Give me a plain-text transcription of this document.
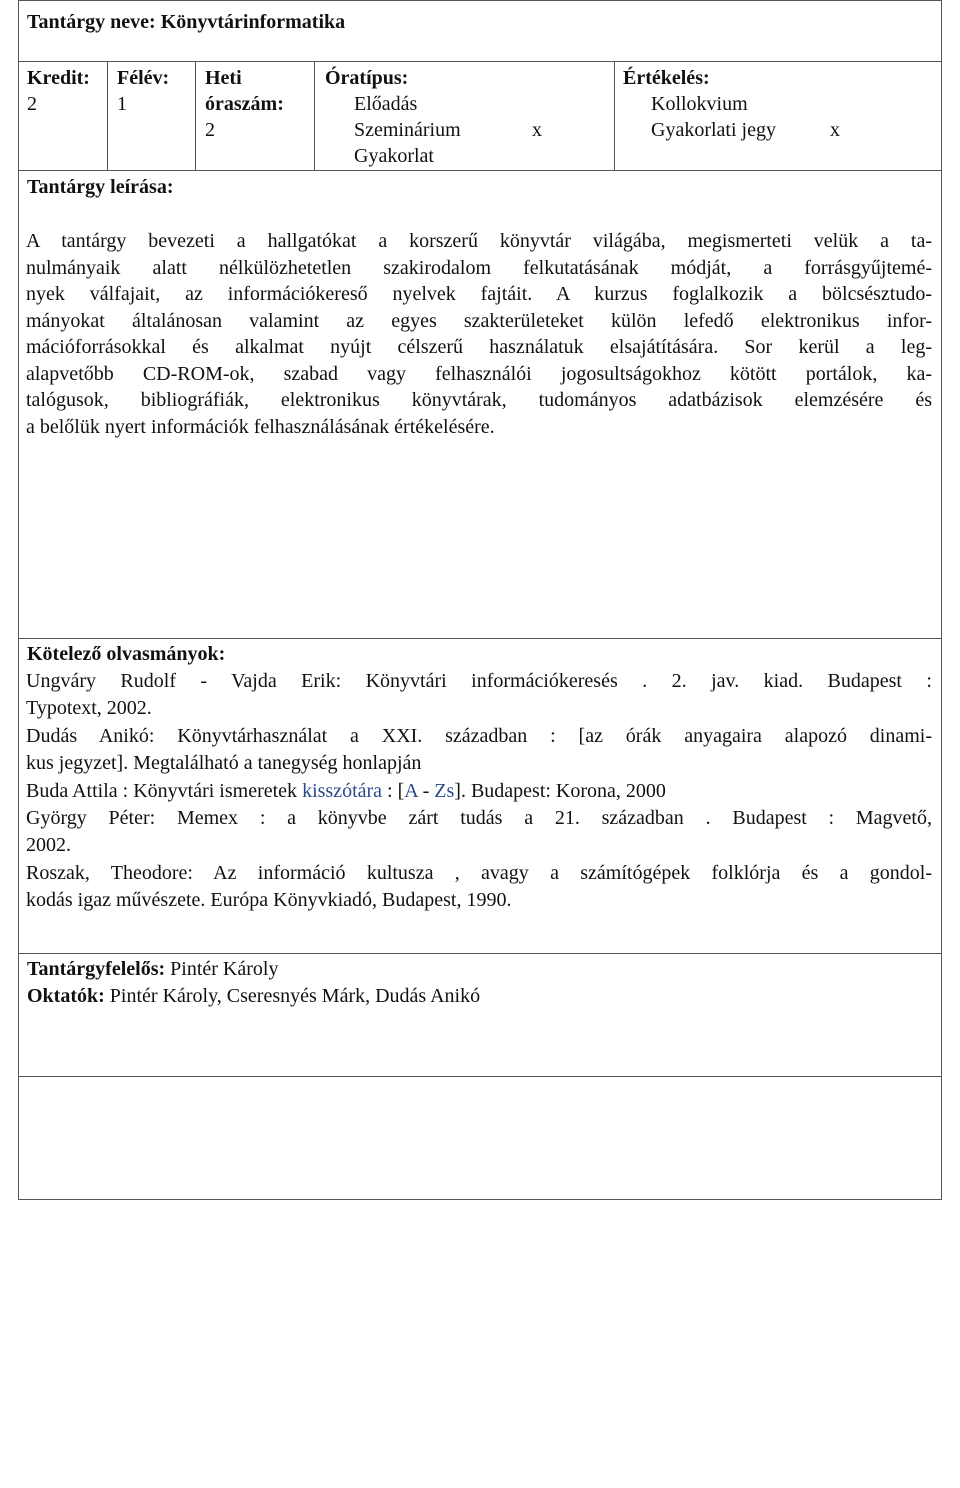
Tantárgy neve: Könyvtárinformatika
Kredit:
2
Félév:
1
Heti
óraszám:
2
Óratípus:
Előadás
Szeminárium	x
Gyakorlat
Értékelés:
Kollokvium
Gyakorlati jegy	x
Tantárgy leírása:
A tantárgy bevezeti a hallgatókat a korszerű könyvtár világába, megismerteti velük a ta-
nulmányaik alatt nélkülözhetetlen szakirodalom felkutatásának módját, a forrásgyűjtemé-
nyek válfajait, az információkereső nyelvek fajtáit. A kurzus foglalkozik a bölcsésztudo-
mányokat általánosan valamint az egyes szakterületeket külön lefedő elektronikus infor-
mációforrásokkal és alkalmat nyújt célszerű használatuk elsajátítására. Sor kerül a leg-
alapvetőbb CD-ROM-ok, szabad vagy felhasználói jogosultságokhoz kötött portálok, ka-
talógusok, bibliográfiák, elektronikus könyvtárak, tudományos adatbázisok elemzésére és
a belőlük nyert információk felhasználásának értékelésére.
Kötelező olvasmányok:
Ungváry Rudolf - Vajda Erik: Könyvtári információkeresés . 2. jav. kiad. Budapest :
Typotext, 2002.
Dudás Anikó: Könyvtárhasználat a XXI. században : [az órák anyagaira alapozó dinami-
kus jegyzet]. Megtalálható a tanegység honlapján
Buda Attila : Könyvtári ismeretek kisszótára : [A - Zs]. Budapest: Korona, 2000
György Péter: Memex : a könyvbe zárt tudás a 21. században . Budapest : Magvető,
2002.
Roszak, Theodore: Az információ kultusza , avagy a számítógépek folklórja és a gondol-
kodás igaz művészete. Európa Könyvkiadó, Budapest, 1990.
Tantárgyfelelős: Pintér Károly
Oktatók: Pintér Károly, Cseresnyés Márk, Dudás Anikó
